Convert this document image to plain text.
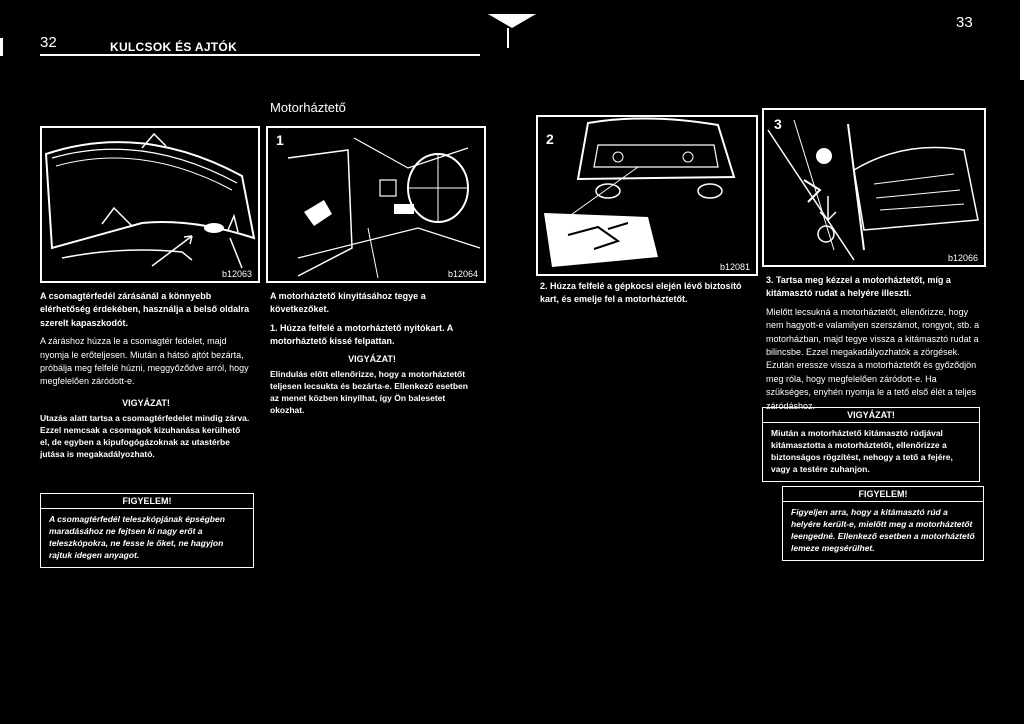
32	KULCSOK ÉS AJTÓK
b12063

A csomagtérfedél zárásánál a könnyebb elérhetőség érdekében, használja a belső oldalra szerelt kapaszkodót.

A záráshoz húzza le a csomagtér fedelet, majd nyomja le erőteljesen. Miután a hátsó ajtót bezárta, próbálja meg felfelé húzni, meggyőződve arról, hogy megfelelően záródott-e.

VIGYÁZAT!
Utazás alatt tartsa a csomagtérfedelet mindig zárva. Ezzel nemcsak a csomagok kizuhanása kerülhető el, de egyben a kipufogógázoknak az utastérbe jutása is megakadályozható.
FIGYELEM!
A csomagtérfedél teleszkópjának épségben maradásához ne fejtsen ki nagy erőt a teleszkópokra, ne fesse le őket, ne hagyjon rajtuk idegen anyagot.
33
Motorháztető
1
b12064
2
b12081
3
b12066

A motorháztető kinyitásához tegye a következőket.

1. Húzza felfelé a motorháztető nyitókart. A motorháztető kissé felpattan.

VIGYÁZAT!
Elindulás előtt ellenőrizze, hogy a motorháztetőt teljesen lecsukta és bezárta-e. Ellenkező esetben az menet közben kinyílhat, így Ön balesetet okozhat.
2. Húzza felfelé a gépkocsi elején lévő biztosító kart, és emelje fel a motorháztetőt.

3. Tartsa meg kézzel a motorháztetőt, míg a kitámasztó rudat a helyére illeszti.

Mielőtt lecsukná a motorháztetőt, ellenőrizze, hogy nem hagyott-e valamilyen szerszámot, rongyot, stb. a motorházban, majd tegye vissza a kitámasztó rudat a bilincsbe. Ezzel megakadályozhatók a zörgések. Ezután eressze vissza a motorháztetőt és győződjön meg róla, hogy megfelelően záródott-e. Ha szükséges, enyhén nyomja le a tető első élét a teljes záródáshoz.

VIGYÁZAT!
Miután a motorháztető kitámasztó rúdjával kitámasztotta a motorháztetőt, ellenőrizze a biztonságos rögzítést, nehogy a tető a fejére, vagy a testére zuhanjon.
FIGYELEM!
Figyeljen arra, hogy a kitámasztó rúd a helyére került-e, mielőtt meg a motorháztetőt leengedné. Ellenkező esetben a motorháztető lemeze megsérülhet.
